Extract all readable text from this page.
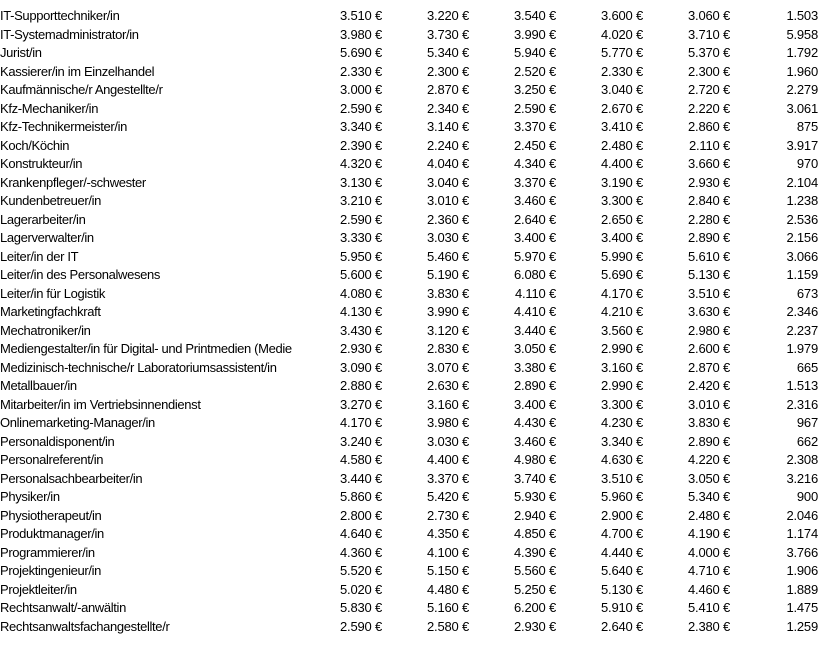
IT-Supporttechniker/in	3.510 €	3.220 €	3.540 €	3.600 €	3.060 €	1.503
IT-Systemadministrator/in	3.980 €	3.730 €	3.990 €	4.020 €	3.710 €	5.958
Jurist/in	5.690 €	5.340 €	5.940 €	5.770 €	5.370 €	1.792
Kassierer/in im Einzelhandel	2.330 €	2.300 €	2.520 €	2.330 €	2.300 €	1.960
Kaufmännische/r Angestellte/r	3.000 €	2.870 €	3.250 €	3.040 €	2.720 €	2.279
Kfz-Mechaniker/in	2.590 €	2.340 €	2.590 €	2.670 €	2.220 €	3.061
Kfz-Technikermeister/in	3.340 €	3.140 €	3.370 €	3.410 €	2.860 €	875
Koch/Köchin	2.390 €	2.240 €	2.450 €	2.480 €	2.110 €	3.917
Konstrukteur/in	4.320 €	4.040 €	4.340 €	4.400 €	3.660 €	970
Krankenpfleger/-schwester	3.130 €	3.040 €	3.370 €	3.190 €	2.930 €	2.104
Kundenbetreuer/in	3.210 €	3.010 €	3.460 €	3.300 €	2.840 €	1.238
Lagerarbeiter/in	2.590 €	2.360 €	2.640 €	2.650 €	2.280 €	2.536
Lagerverwalter/in	3.330 €	3.030 €	3.400 €	3.400 €	2.890 €	2.156
Leiter/in der IT	5.950 €	5.460 €	5.970 €	5.990 €	5.610 €	3.066
Leiter/in des Personalwesens	5.600 €	5.190 €	6.080 €	5.690 €	5.130 €	1.159
Leiter/in für Logistik	4.080 €	3.830 €	4.110 €	4.170 €	3.510 €	673
Marketingfachkraft	4.130 €	3.990 €	4.410 €	4.210 €	3.630 €	2.346
Mechatroniker/in	3.430 €	3.120 €	3.440 €	3.560 €	2.980 €	2.237
Mediengestalter/in für Digital- und Printmedien (Medie	2.930 €	2.830 €	3.050 €	2.990 €	2.600 €	1.979
Medizinisch-technische/r Laboratoriumsassistent/in	3.090 €	3.070 €	3.380 €	3.160 €	2.870 €	665
Metallbauer/in	2.880 €	2.630 €	2.890 €	2.990 €	2.420 €	1.513
Mitarbeiter/in im Vertriebsinnendienst	3.270 €	3.160 €	3.400 €	3.300 €	3.010 €	2.316
Onlinemarketing-Manager/in	4.170 €	3.980 €	4.430 €	4.230 €	3.830 €	967
Personaldisponent/in	3.240 €	3.030 €	3.460 €	3.340 €	2.890 €	662
Personalreferent/in	4.580 €	4.400 €	4.980 €	4.630 €	4.220 €	2.308
Personalsachbearbeiter/in	3.440 €	3.370 €	3.740 €	3.510 €	3.050 €	3.216
Physiker/in	5.860 €	5.420 €	5.930 €	5.960 €	5.340 €	900
Physiotherapeut/in	2.800 €	2.730 €	2.940 €	2.900 €	2.480 €	2.046
Produktmanager/in	4.640 €	4.350 €	4.850 €	4.700 €	4.190 €	1.174
Programmierer/in	4.360 €	4.100 €	4.390 €	4.440 €	4.000 €	3.766
Projektingenieur/in	5.520 €	5.150 €	5.560 €	5.640 €	4.710 €	1.906
Projektleiter/in	5.020 €	4.480 €	5.250 €	5.130 €	4.460 €	1.889
Rechtsanwalt/-anwältin	5.830 €	5.160 €	6.200 €	5.910 €	5.410 €	1.475
Rechtsanwaltsfachangestellte/r	2.590 €	2.580 €	2.930 €	2.640 €	2.380 €	1.259
